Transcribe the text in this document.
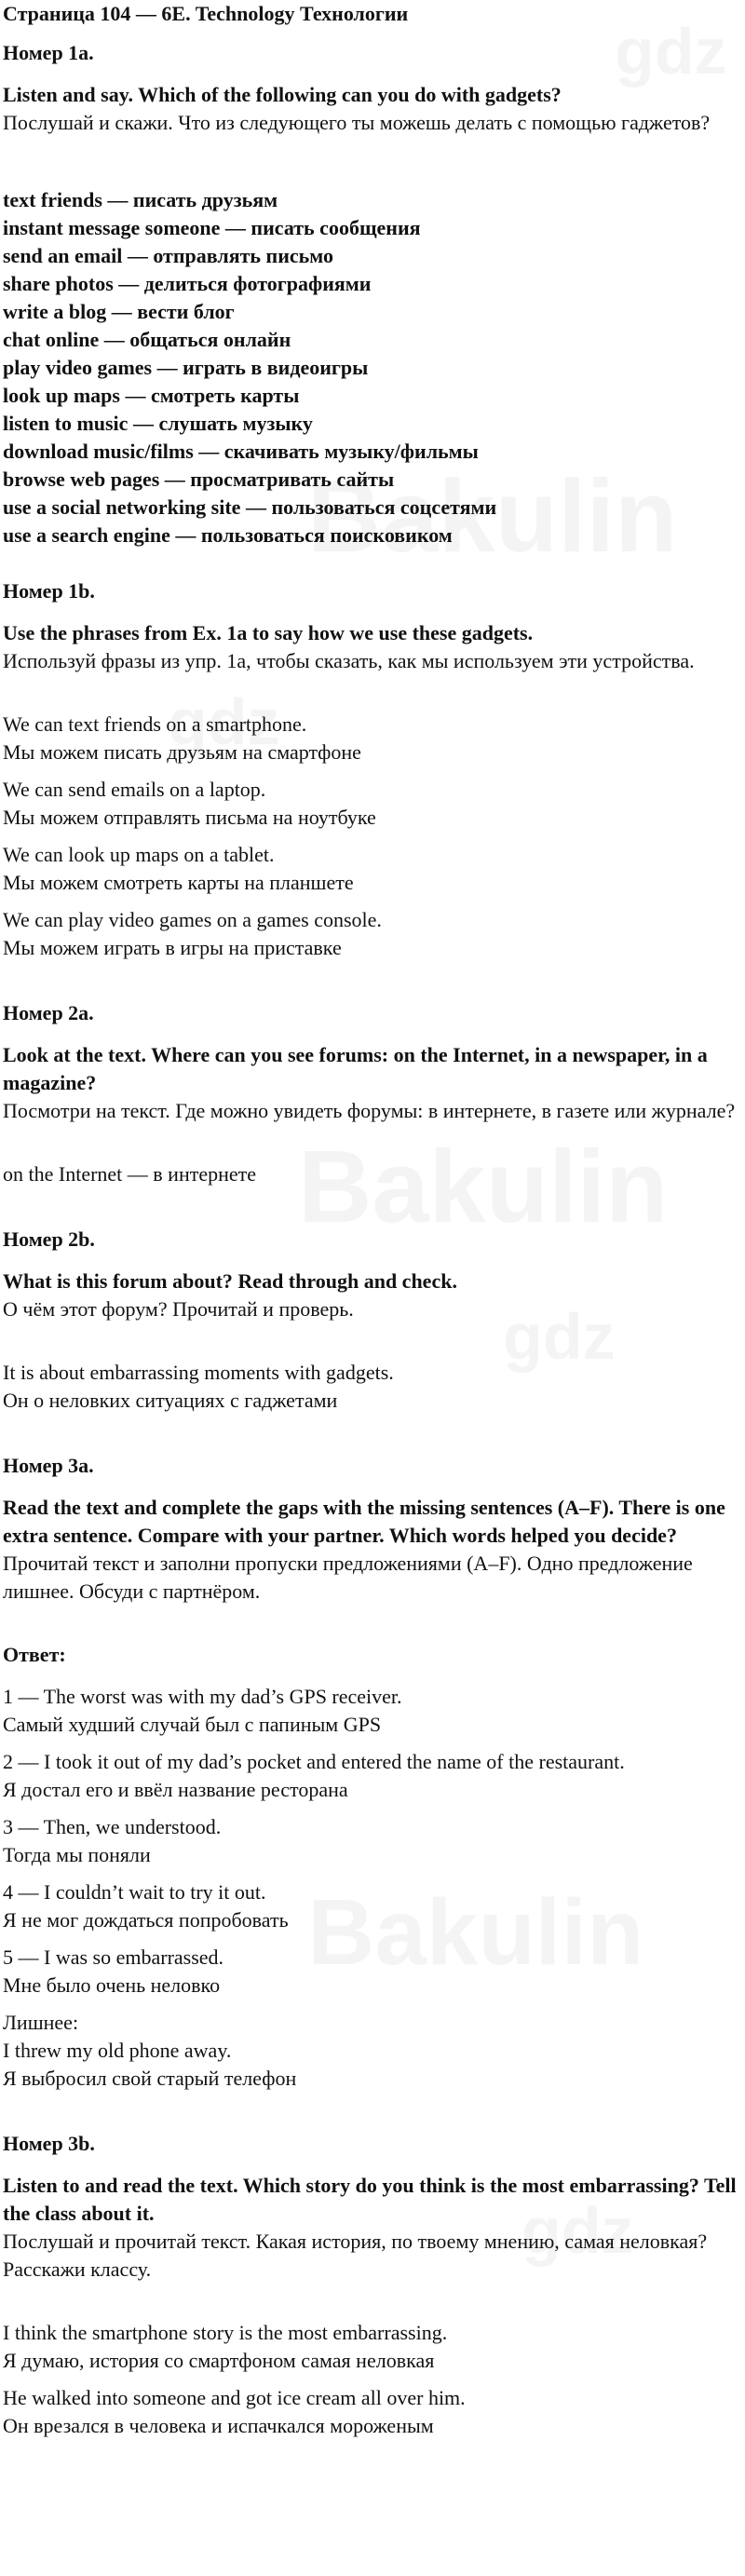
Страница 104 — 6E. Technology Технологии

Номер 1a.

Listen and say. Which of the following can you do with gadgets?
Послушай и скажи. Что из следующего ты можешь делать с помощью гаджетов?
text friends — писать друзьям
instant message someone — писать сообщения
send an email — отправлять письмо
share photos — делиться фотографиями
write a blog — вести блог
chat online — общаться онлайн
play video games — играть в видеоигры
look up maps — смотреть карты
listen to music — слушать музыку
download music/films — скачивать музыку/фильмы
browse web pages — просматривать сайты
use a social networking site — пользоваться соцсетями
use a search engine — пользоваться поисковиком

Номер 1b.

Use the phrases from Ex. 1a to say how we use these gadgets.
Используй фразы из упр. 1a, чтобы сказать, как мы используем эти устройства.
We can text friends on a smartphone.
Мы можем писать друзьям на смартфоне
We can send emails on a laptop.
Мы можем отправлять письма на ноутбуке
We can look up maps on a tablet.
Мы можем смотреть карты на планшете
We can play video games on a games console.
Мы можем играть в игры на приставке

Номер 2a.

Look at the text. Where can you see forums: on the Internet, in a newspaper, in a magazine?
Посмотри на текст. Где можно увидеть форумы: в интернете, в газете или журнале?

on the Internet — в интернете

Номер 2b.

What is this forum about? Read through and check.
О чём этот форум? Прочитай и проверь.
It is about embarrassing moments with gadgets.
Он о неловких ситуациях с гаджетами

Номер 3a.

Read the text and complete the gaps with the missing sentences (A–F). There is one extra sentence. Compare with your partner. Which words helped you decide?
Прочитай текст и заполни пропуски предложениями (A–F). Одно предложение лишнее. Обсуди с партнёром.

Ответ:

1 — The worst was with my dad’s GPS receiver.
Самый худший случай был с папиным GPS
2 — I took it out of my dad’s pocket and entered the name of the restaurant.
Я достал его и ввёл название ресторана
3 — Then, we understood.
Тогда мы поняли
4 — I couldn’t wait to try it out.
Я не мог дождаться попробовать
5 — I was so embarrassed.
Мне было очень неловко
Лишнее:
I threw my old phone away.
Я выбросил свой старый телефон

Номер 3b.

Listen to and read the text. Which story do you think is the most embarrassing? Tell the class about it.
Послушай и прочитай текст. Какая история, по твоему мнению, самая неловкая? Расскажи классу.
I think the smartphone story is the most embarrassing.
Я думаю, история со смартфоном самая неловкая
He walked into someone and got ice cream all over him.
Он врезался в человека и испачкался мороженым
